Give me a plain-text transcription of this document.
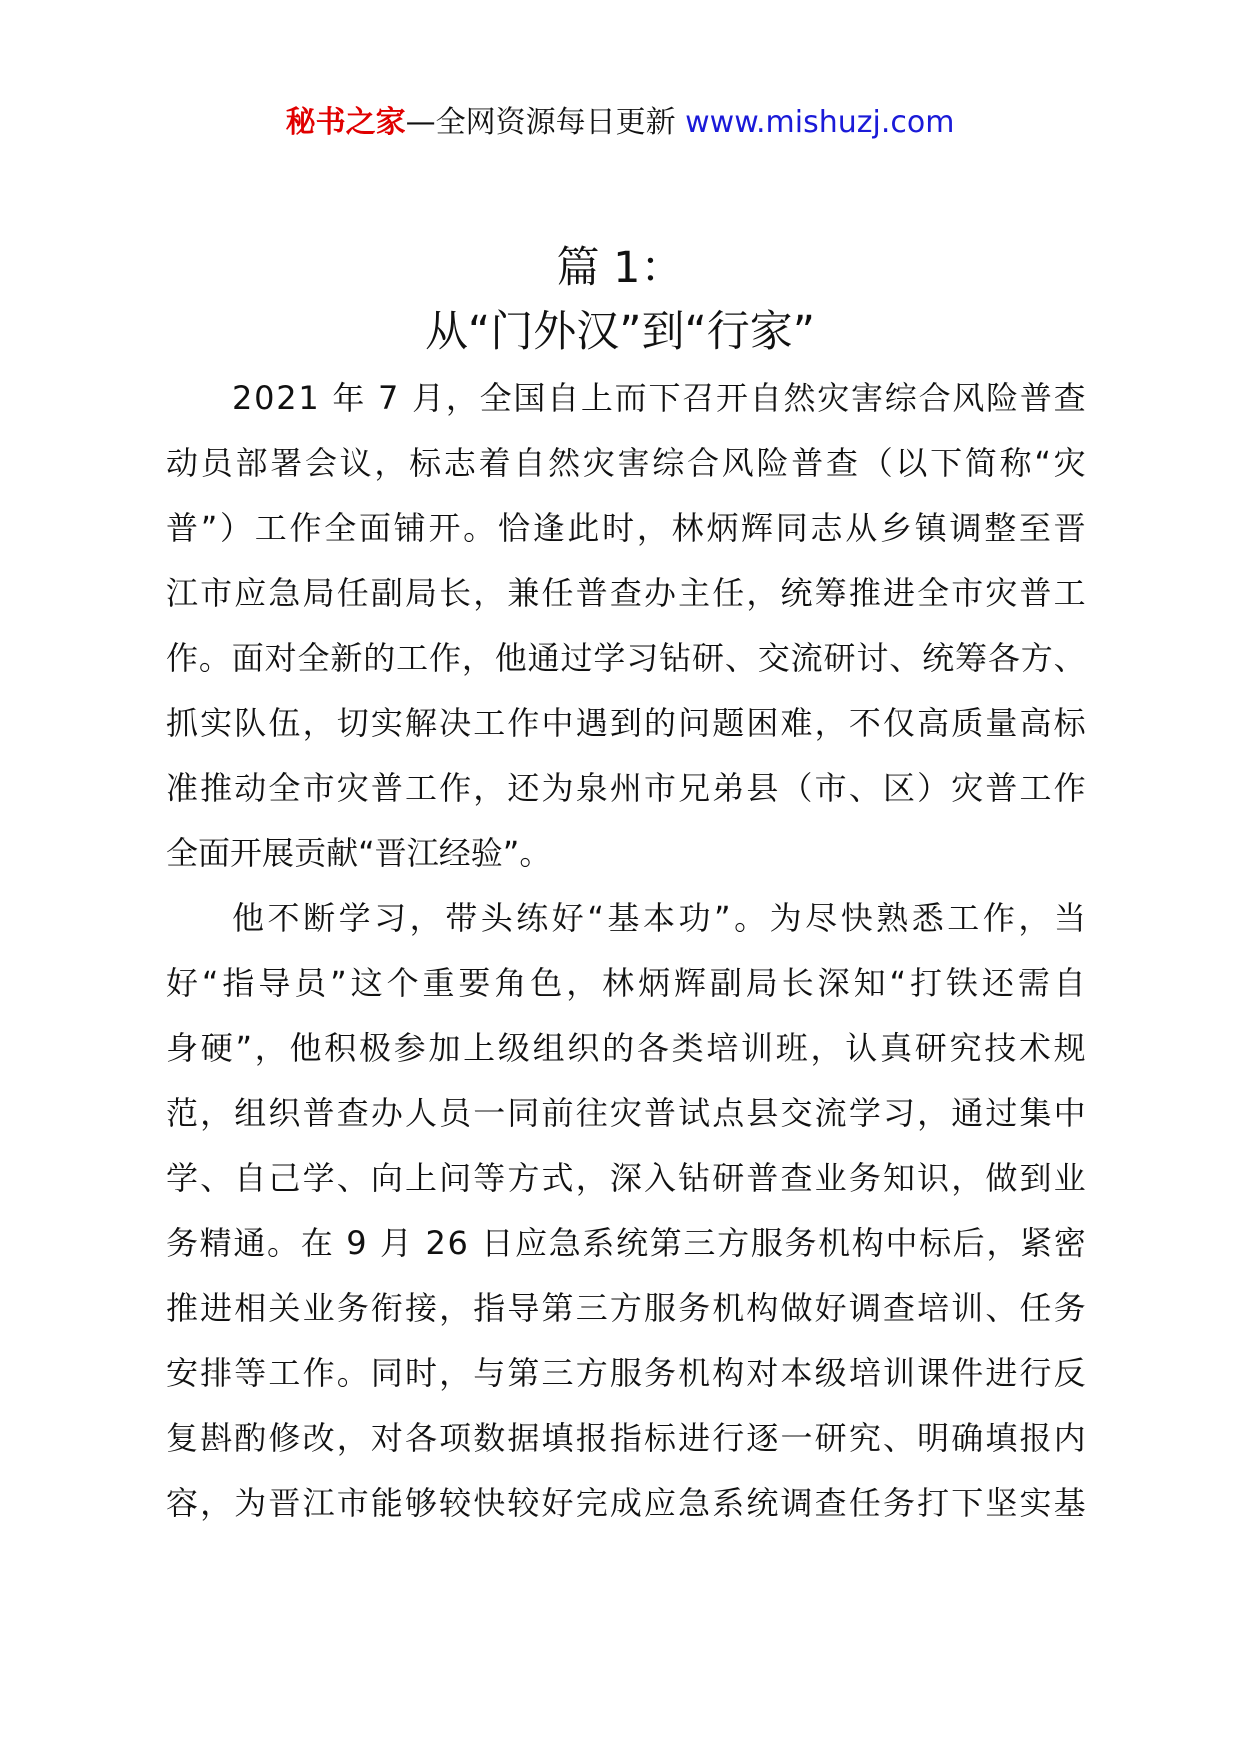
秘书之家—全网资源每日更新 www.mishuzj.com
篇 1：
从“门外汉”到“行家”
2 0 2 1
年
7
月 ， 全 国 自 上 而 下 召 开 自 然 灾 害 综 合 风 险 普 查
动 员 部 署 会 议 ， 标 志 着 自 然 灾 害 综 合 风 险 普 查 （ 以 下 简 称 “ 灾
普 ” ） 工 作 全 面 铺 开 。 恰 逢 此 时 ， 林 炳 辉 同 志 从 乡 镇 调 整 至 晋
江 市 应 急 局 任 副 局 长 ， 兼 任 普 查 办 主 任 ， 统 筹 推 进 全 市 灾 普 工
作 。 面 对 全 新 的 工 作 ， 他 通 过 学 习 钻 研 、 交 流 研 讨 、 统 筹 各 方 、
抓 实 队 伍 ， 切 实 解 决 工 作 中 遇 到 的 问 题 困 难 ， 不 仅 高 质 量 高 标
准 推 动 全 市 灾 普 工 作 ， 还 为 泉 州 市 兄 弟 县 （ 市 、 区 ） 灾 普 工 作
全 面 开 展 贡 献 “ 晋 江 经 验 ” 。
他 不 断 学 习 ， 带 头 练 好 “ 基 本 功 ” 。 为 尽 快 熟 悉 工 作 ， 当
好 “ 指 导 员 ” 这 个 重 要 角 色 ， 林 炳 辉 副 局 长 深 知 “ 打 铁 还 需 自
身 硬 ” ， 他 积 极 参 加 上 级 组 织 的 各 类 培 训 班 ， 认 真 研 究 技 术 规
范 ， 组 织 普 查 办 人 员 一 同 前 往 灾 普 试 点 县 交 流 学 习 ， 通 过 集 中
学 、 自 己 学 、 向 上 问 等 方 式 ， 深 入 钻 研 普 查 业 务 知 识 ， 做 到 业
务 精 通 。 在
9
月
2 6
日 应 急 系 统 第 三 方 服 务 机 构 中 标 后 ， 紧 密
推 进 相 关 业 务 衔 接 ， 指 导 第 三 方 服 务 机 构 做 好 调 查 培 训 、 任 务
安 排 等 工 作 。 同 时 ， 与 第 三 方 服 务 机 构 对 本 级 培 训 课 件 进 行 反
复 斟 酌 修 改 ， 对 各 项 数 据 填 报 指 标 进 行 逐 一 研 究 、 明 确 填 报 内
容 ， 为 晋 江 市 能 够 较 快 较 好 完 成 应 急 系 统 调 查 任 务 打 下 坚 实 基
